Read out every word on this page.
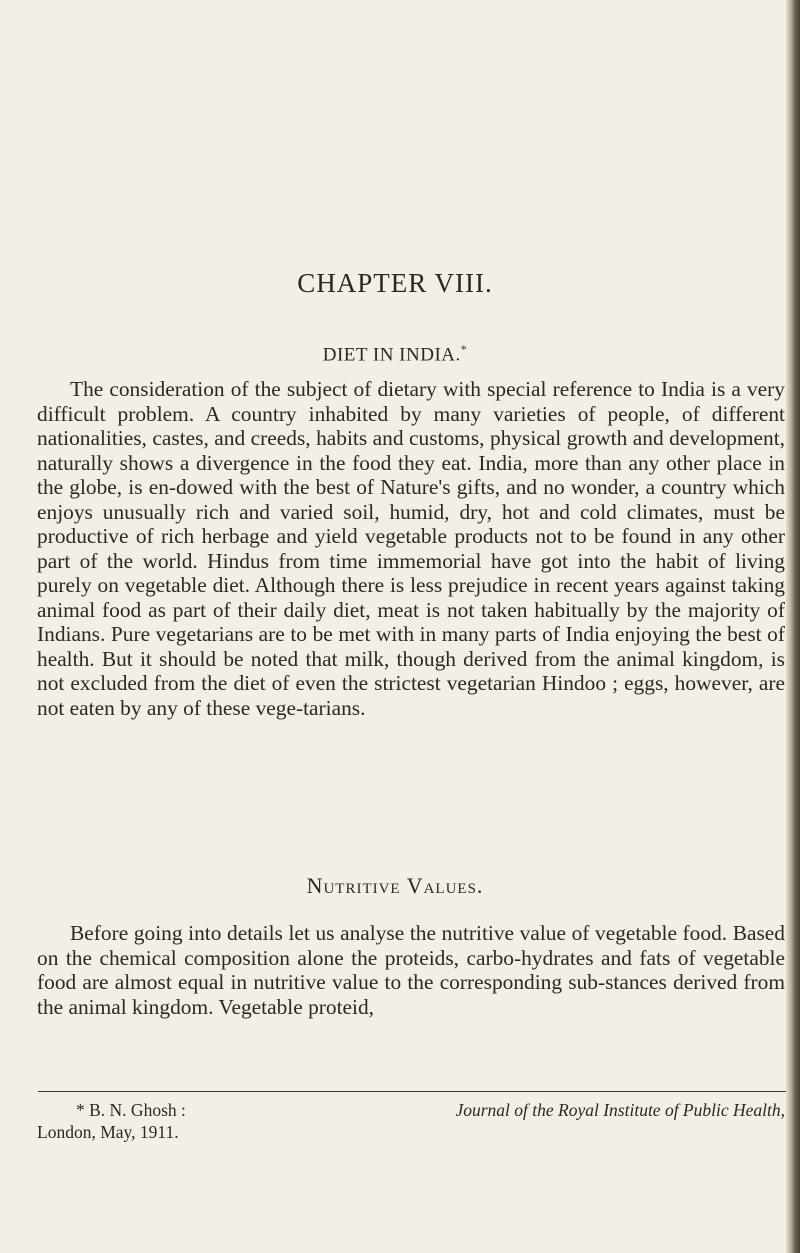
CHAPTER VIII.
DIET IN INDIA.*

The consideration of the subject of dietary with special reference to India is a very difficult problem. A country inhabited by many varieties of people, of different nationalities, castes, and creeds, habits and customs, physical growth and development, naturally shows a divergence in the food they eat. India, more than any other place in the globe, is en-dowed with the best of Nature's gifts, and no wonder, a country which enjoys unusually rich and varied soil, humid, dry, hot and cold climates, must be productive of rich herbage and yield vegetable products not to be found in any other part of the world. Hindus from time immemorial have got into the habit of living purely on vegetable diet. Although there is less prejudice in recent years against taking animal food as part of their daily diet, meat is not taken habitually by the majority of Indians. Pure vegetarians are to be met with in many parts of India enjoying the best of health. But it should be noted that milk, though derived from the animal kingdom, is not excluded from the diet of even the strictest vegetarian Hindoo ; eggs, however, are not eaten by any of these vege-tarians.

Nutritive Values.

Before going into details let us analyse the nutritive value of vegetable food. Based on the chemical composition alone the proteids, carbo-hydrates and fats of vegetable food are almost equal in nutritive value to the corresponding sub-stances derived from the animal kingdom. Vegetable proteid,

* B. N. Ghosh :	Journal of the Royal Institute of Public Health,
London, May, 1911.
